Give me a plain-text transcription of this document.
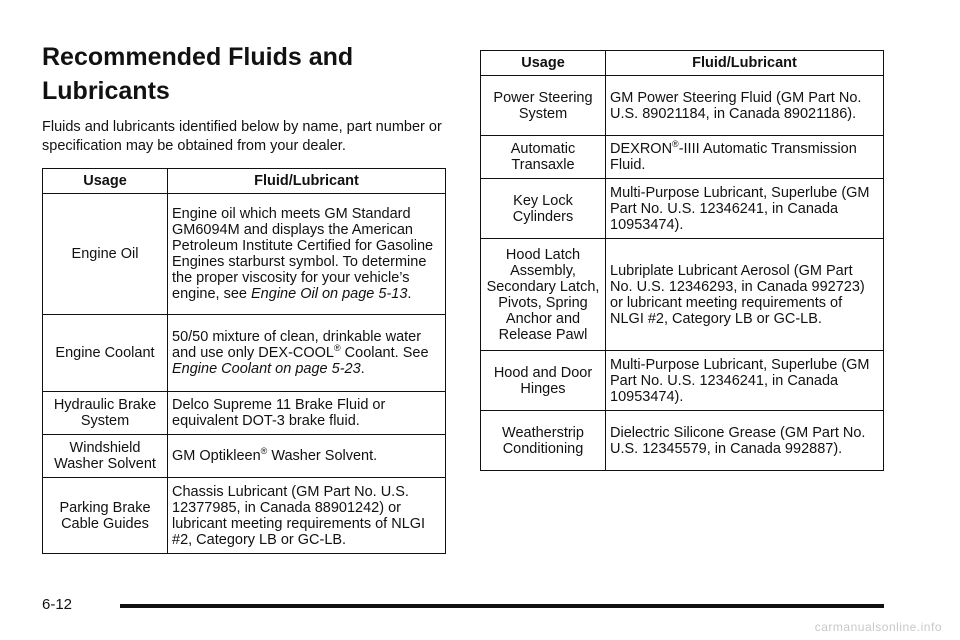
Recommended Fluids and
Lubricants

Fluids and lubricants identified below by name, part number or specification may be obtained from your dealer.

Usage	Fluid/Lubricant
Engine Oil	Engine oil which meets GM Standard GM6094M and displays the American Petroleum Institute Certified for Gasoline Engines starburst symbol. To determine the proper viscosity for your vehicle’s engine, see Engine Oil on page 5-13.
Engine Coolant	50/50 mixture of clean, drinkable water and use only DEX-COOL® Coolant. See Engine Coolant on page 5-23.
Hydraulic Brake System	Delco Supreme 11 Brake Fluid or equivalent DOT-3 brake fluid.
Windshield Washer Solvent	GM Optikleen® Washer Solvent.
Parking Brake Cable Guides	Chassis Lubricant (GM Part No. U.S. 12377985, in Canada 88901242) or lubricant meeting requirements of NLGI #2, Category LB or GC-LB.
Usage	Fluid/Lubricant
Power Steering System	GM Power Steering Fluid (GM Part No. U.S. 89021184, in Canada 89021186).
Automatic Transaxle	DEXRON®-IIII Automatic Transmission Fluid.
Key Lock Cylinders	Multi-Purpose Lubricant, Superlube (GM Part No. U.S. 12346241, in Canada 10953474).
Hood Latch Assembly, Secondary Latch, Pivots, Spring Anchor and Release Pawl	Lubriplate Lubricant Aerosol (GM Part No. U.S. 12346293, in Canada 992723) or lubricant meeting requirements of NLGI #2, Category LB or GC-LB.
Hood and Door Hinges	Multi-Purpose Lubricant, Superlube (GM Part No. U.S. 12346241, in Canada 10953474).
Weatherstrip Conditioning	Dielectric Silicone Grease (GM Part No. U.S. 12345579, in Canada 992887).
6-12
carmanualsonline.info
